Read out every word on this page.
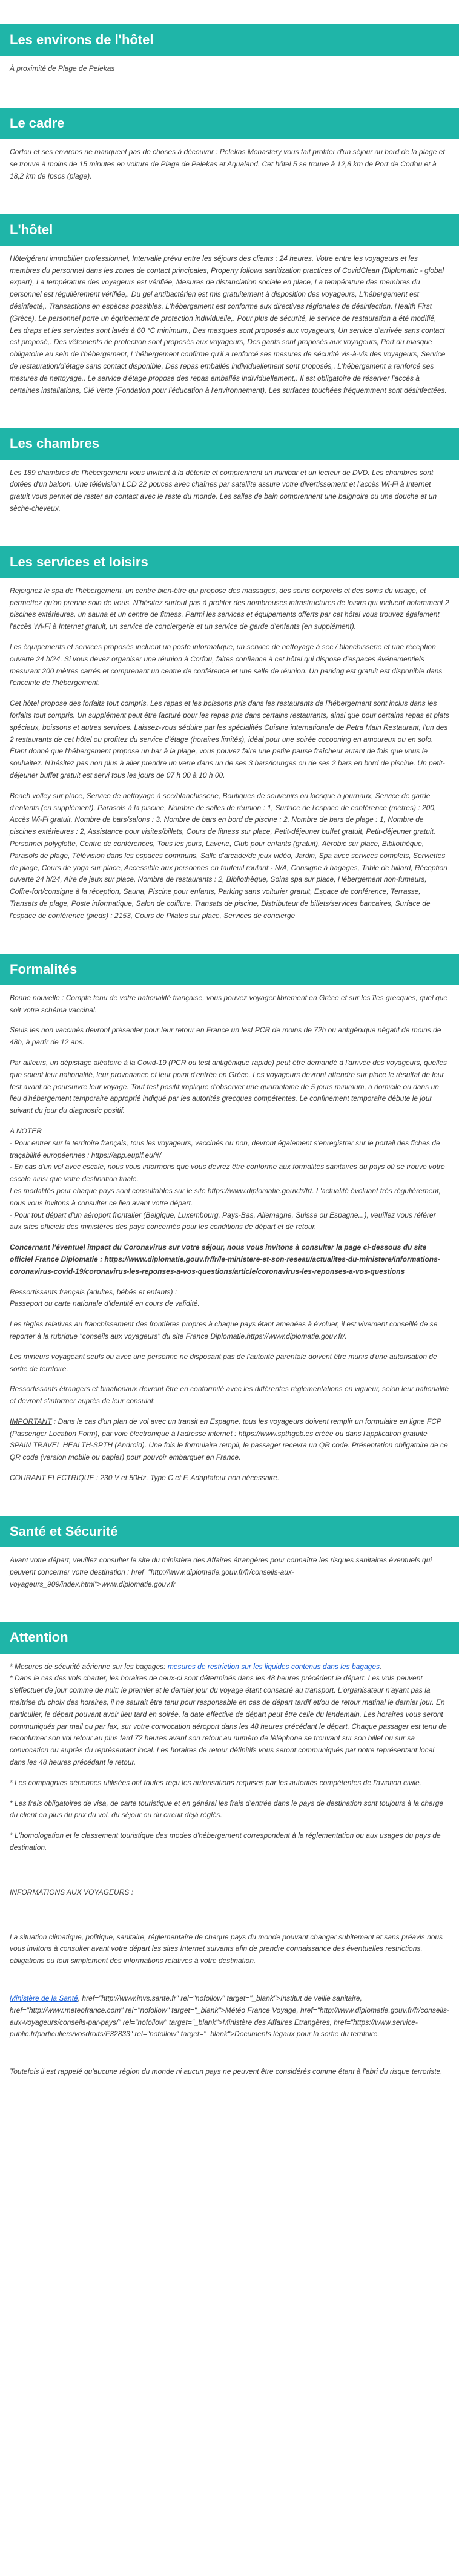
Les environs de l'hôtel
À proximité de Plage de Pelekas
Le cadre

Corfou et ses environs ne manquent pas de choses à découvrir : Pelekas Monastery vous fait profiter d'un séjour au bord de la plage et se trouve à moins de 15 minutes en voiture de Plage de Pelekas et Aqualand. Cet hôtel 5 se trouve à 12,8 km de Port de Corfou et à 18,2 km de Ipsos (plage).

L'hôtel

Hôte/gérant immobilier professionnel, Intervalle prévu entre les séjours des clients : 24 heures, Votre entre les voyageurs et les membres du personnel dans les zones de contact principales, Property follows sanitization practices of CovidClean (Diplomatic - global expert), La température des voyageurs est vérifiée, Mesures de distanciation sociale en place, La température des membres du personnel est régulièrement vérifiée,. Du gel antibactérien est mis gratuitement à disposition des voyageurs, L'hébergement est désinfecté,. Transactions en espèces possibles, L'hébergement est conforme aux directives régionales de désinfection. Health First (Grèce), Le personnel porte un équipement de protection individuelle,. Pour plus de sécurité, le service de restauration a été modifié, Les draps et les serviettes sont lavés à 60 °C minimum., Des masques sont proposés aux voyageurs, Un service d'arrivée sans contact est proposé,. Des vêtements de protection sont proposés aux voyageurs, Des gants sont proposés aux voyageurs, Port du masque obligatoire au sein de l'hébergement, L'hébergement confirme qu'il a renforcé ses mesures de sécurité vis-à-vis des voyageurs, Service de restauration/d'étage sans contact disponible, Des repas emballés individuellement sont proposés,. L'hébergement a renforcé ses mesures de nettoyage,. Le service d'étage propose des repas emballés individuellement,. Il est obligatoire de réserver l'accès à certaines installations, Cié Verte (Fondation pour l'éducation à l'environnement), Les surfaces touchées fréquemment sont désinfectées.

Les chambres

Les 189 chambres de l'hébergement vous invitent à la détente et comprennent un minibar et un lecteur de DVD. Les chambres sont dotées d'un balcon. Une télévision LCD 22 pouces avec chaînes par satellite assure votre divertissement et l'accès Wi-Fi à Internet gratuit vous permet de rester en contact avec le reste du monde. Les salles de bain comprennent une baignoire ou une douche et un sèche-cheveux.

Les services et loisirs

Rejoignez le spa de l'hébergement, un centre bien-être qui propose des massages, des soins corporels et des soins du visage, et permettez qu'on prenne soin de vous. N'hésitez surtout pas à profiter des nombreuses infrastructures de loisirs qui incluent notamment 2 piscines extérieures, un sauna et un centre de fitness. Parmi les services et équipements offerts par cet hôtel vous trouvez également l'accès Wi-Fi à Internet gratuit, un service de conciergerie et un service de garde d'enfants (en supplément).

Les équipements et services proposés incluent un poste informatique, un service de nettoyage à sec / blanchisserie et une réception ouverte 24 h/24. Si vous devez organiser une réunion à Corfou, faites confiance à cet hôtel qui dispose d'espaces événementiels mesurant 200 mètres carrés et comprenant un centre de conférence et une salle de réunion. Un parking est gratuit est disponible dans l'enceinte de l'hébergement.

Cet hôtel propose des forfaits tout compris. Les repas et les boissons pris dans les restaurants de l'hébergement sont inclus dans les forfaits tout compris. Un supplément peut être facturé pour les repas pris dans certains restaurants, ainsi que pour certains repas et plats spéciaux, boissons et autres services. Laissez-vous séduire par les spécialités Cuisine internationale de Petra Main Restaurant, l'un des 2 restaurants de cet hôtel ou profitez du service d'étage (horaires limités), idéal pour une soirée cocooning en amoureux ou en solo. Étant donné que l'hébergement propose un bar à la plage, vous pouvez faire une petite pause fraîcheur autant de fois que vous le souhaitez. N'hésitez pas non plus à aller prendre un verre dans un de ses 3 bars/lounges ou de ses 2 bars en bord de piscine. Un petit-déjeuner buffet gratuit est servi tous les jours de 07 h 00 à 10 h 00.

Beach volley sur place, Service de nettoyage à sec/blanchisserie, Boutiques de souvenirs ou kiosque à journaux, Service de garde d'enfants (en supplément), Parasols à la piscine, Nombre de salles de réunion : 1, Surface de l'espace de conférence (mètres) : 200, Accès Wi-Fi gratuit, Nombre de bars/salons : 3, Nombre de bars en bord de piscine : 2, Nombre de bars de plage : 1, Nombre de piscines extérieures : 2, Assistance pour visites/billets, Cours de fitness sur place, Petit-déjeuner buffet gratuit, Petit-déjeuner gratuit, Personnel polyglotte, Centre de conférences, Tous les jours, Laverie, Club pour enfants (gratuit), Aérobic sur place, Bibliothèque, Parasols de plage, Télévision dans les espaces communs, Salle d'arcade/de jeux vidéo, Jardin, Spa avec services complets, Serviettes de plage, Cours de yoga sur place, Accessible aux personnes en fauteuil roulant - N/A, Consigne à bagages, Table de billard, Réception ouverte 24 h/24, Aire de jeux sur place, Nombre de restaurants : 2, Bibliothèque, Soins spa sur place, Hébergement non-fumeurs, Coffre-fort/consigne à la réception, Sauna, Piscine pour enfants, Parking sans voiturier gratuit, Espace de conférence, Terrasse, Transats de plage, Poste informatique, Salon de coiffure, Transats de piscine, Distributeur de billets/services bancaires, Surface de l'espace de conférence (pieds) : 2153, Cours de Pilates sur place, Services de concierge

Formalités

Bonne nouvelle : Compte tenu de votre nationalité française, vous pouvez voyager librement en Grèce et sur les îles grecques, quel que soit votre schéma vaccinal.

Seuls les non vaccinés devront présenter pour leur retour en France un test PCR de moins de 72h ou antigénique négatif de moins de 48h, à partir de 12 ans.

Par ailleurs, un dépistage aléatoire à la Covid-19 (PCR ou test antigénique rapide) peut être demandé à l'arrivée des voyageurs, quelles que soient leur nationalité, leur provenance et leur point d'entrée en Grèce. Les voyageurs devront attendre sur place le résultat de leur test avant de poursuivre leur voyage. Tout test positif implique d'observer une quarantaine de 5 jours minimum, à domicile ou dans un lieu d'hébergement temporaire approprié indiqué par les autorités grecques compétentes. Le confinement temporaire débute le jour suivant du jour du diagnostic positif.

A NOTER

- Pour entrer sur le territoire français, tous les voyageurs, vaccinés ou non, devront également s'enregistrer sur le portail des fiches de traçabilité européennes : https://app.euplf.eu/#/

- En cas d'un vol avec escale, nous vous informons que vous devrez être conforme aux formalités sanitaires du pays où se trouve votre escale ainsi que votre destination finale.

Les modalités pour chaque pays sont consultables sur le site https://www.diplomatie.gouv.fr/fr/. L'actualité évoluant très régulièrement, nous vous invitons à consulter ce lien avant votre départ.

- Pour tout départ d'un aéroport frontalier (Belgique, Luxembourg, Pays-Bas, Allemagne, Suisse ou Espagne...), veuillez vous référer aux sites officiels des ministères des pays concernés pour les conditions de départ et de retour.

Concernant l'éventuel impact du Coronavirus sur votre séjour, nous vous invitons à consulter la page ci-dessous du site officiel France Diplomatie : https://www.diplomatie.gouv.fr/fr/le-ministere-et-son-reseau/actualites-du-ministere/informations-coronavirus-covid-19/coronavirus-les-reponses-a-vos-questions/article/coronavirus-les-reponses-a-vos-questions

Ressortissants français (adultes, bébés et enfants) :
Passeport ou carte nationale d'identité en cours de validité.

Les règles relatives au franchissement des frontières propres à chaque pays étant amenées à évoluer, il est vivement conseillé de se reporter à la rubrique "conseils aux voyageurs" du site France Diplomatie,https://www.diplomatie.gouv.fr/.

Les mineurs voyageant seuls ou avec une personne ne disposant pas de l'autorité parentale doivent être munis d'une autorisation de sortie de territoire.

Ressortissants étrangers et binationaux devront être en conformité avec les différentes réglementations en vigueur, selon leur nationalité et devront s'informer auprès de leur consulat.

IMPORTANT : Dans le cas d'un plan de vol avec un transit en Espagne, tous les voyageurs doivent remplir un formulaire en ligne FCP (Passenger Location Form), par voie électronique à l'adresse internet : https://www.spthgob.es créée ou dans l'application gratuite SPAIN TRAVEL HEALTH-SPTH (Android). Une fois le formulaire rempli, le passager recevra un QR code. Présentation obligatoire de ce QR code (version mobile ou papier) pour pouvoir embarquer en France.

COURANT ELECTRIQUE : 230 V et 50Hz. Type C et F. Adaptateur non nécessaire.

Santé et Sécurité

Avant votre départ, veuillez consulter le site du ministère des Affaires étrangères pour connaître les risques sanitaires éventuels qui peuvent concerner votre destination : href="http://www.diplomatie.gouv.fr/fr/conseils-aux-voyageurs_909/index.html">www.diplomatie.gouv.fr

Attention

* Mesures de sécurité aérienne sur les bagages: mesures de restriction sur les liquides contenus dans les bagages.

* Dans le cas des vols charter, les horaires de ceux-ci sont déterminés dans les 48 heures précédent le départ. Les vols peuvent s'effectuer de jour comme de nuit; le premier et le dernier jour du voyage étant consacré au transport. L'organisateur n'ayant pas la maîtrise du choix des horaires, il ne saurait être tenu pour responsable en cas de départ tardif et/ou de retour matinal le dernier jour. En particulier, le départ pouvant avoir lieu tard en soirée, la date effective de départ peut être celle du lendemain. Les horaires vous seront communiqués par mail ou par fax, sur votre convocation aéroport dans les 48 heures précédant le départ. Chaque passager est tenu de reconfirmer son vol retour au plus tard 72 heures avant son retour au numéro de téléphone se trouvant sur son billet ou sur sa convocation ou auprès du représentant local. Les horaires de retour définitifs vous seront communiqués par notre représentant local dans les 48 heures précédant le retour.

* Les compagnies aériennes utilisées ont toutes reçu les autorisations requises par les autorités compétentes de l'aviation civile.

* Les frais obligatoires de visa, de carte touristique et en général les frais d'entrée dans le pays de destination sont toujours à la charge du client en plus du prix du vol, du séjour ou du circuit déjà réglés.

* L'homologation et le classement touristique des modes d'hébergement correspondent à la réglementation ou aux usages du pays de destination.

INFORMATIONS AUX VOYAGEURS :

La situation climatique, politique, sanitaire, réglementaire de chaque pays du monde pouvant changer subitement et sans préavis nous vous invitons à consulter avant votre départ les sites Internet suivants afin de prendre connaissance des éventuelles restrictions, obligations ou tout simplement des informations relatives à votre destination.

Ministère de la Santé, href="http://www.invs.sante.fr" rel="nofollow" target="_blank">Institut de veille sanitaire, href="http://www.meteofrance.com" rel="nofollow" target="_blank">Météo France Voyage, href="http://www.diplomatie.gouv.fr/fr/conseils-aux-voyageurs/conseils-par-pays/" rel="nofollow" target="_blank">Ministère des Affaires Etrangères, href="https://www.service-public.fr/particuliers/vosdroits/F32833" rel="nofollow" target="_blank">Documents légaux pour la sortie du territoire.

Toutefois il est rappelé qu'aucune région du monde ni aucun pays ne peuvent être considérés comme étant à l'abri du risque terroriste.
